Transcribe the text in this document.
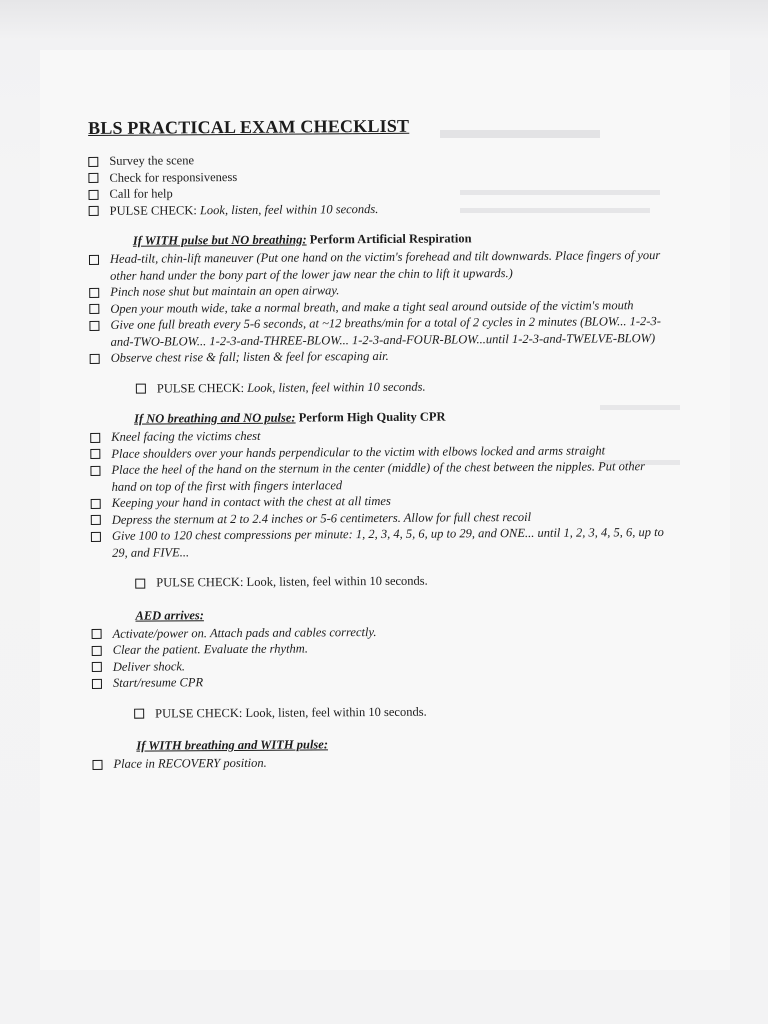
BLS PRACTICAL EXAM CHECKLIST
Survey the scene
Check for responsiveness
Call for help
PULSE CHECK: Look, listen, feel within 10 seconds.
If WITH pulse but NO breathing: Perform Artificial Respiration
Head-tilt, chin-lift maneuver (Put one hand on the victim's forehead and tilt downwards. Place fingers of your other hand under the bony part of the lower jaw near the chin to lift it upwards.)
Pinch nose shut but maintain an open airway.
Open your mouth wide, take a normal breath, and make a tight seal around outside of the victim's mouth
Give one full breath every 5-6 seconds, at ~12 breaths/min for a total of 2 cycles in 2 minutes (BLOW... 1-2-3-and-TWO-BLOW... 1-2-3-and-THREE-BLOW... 1-2-3-and-FOUR-BLOW...until 1-2-3-and-TWELVE-BLOW)
Observe chest rise & fall; listen & feel for escaping air.
PULSE CHECK: Look, listen, feel within 10 seconds.
If NO breathing and NO pulse: Perform High Quality CPR
Kneel facing the victims chest
Place shoulders over your hands perpendicular to the victim with elbows locked and arms straight
Place the heel of the hand on the sternum in the center (middle) of the chest between the nipples. Put other hand on top of the first with fingers interlaced
Keeping your hand in contact with the chest at all times
Depress the sternum at 2 to 2.4 inches or 5-6 centimeters. Allow for full chest recoil
Give 100 to 120 chest compressions per minute: 1, 2, 3, 4, 5, 6, up to 29, and ONE... until 1, 2, 3, 4, 5, 6, up to 29, and FIVE...
PULSE CHECK: Look, listen, feel within 10 seconds.
AED arrives:
Activate/power on. Attach pads and cables correctly.
Clear the patient. Evaluate the rhythm.
Deliver shock.
Start/resume CPR
PULSE CHECK: Look, listen, feel within 10 seconds.
If WITH breathing and WITH pulse:
Place in RECOVERY position.
